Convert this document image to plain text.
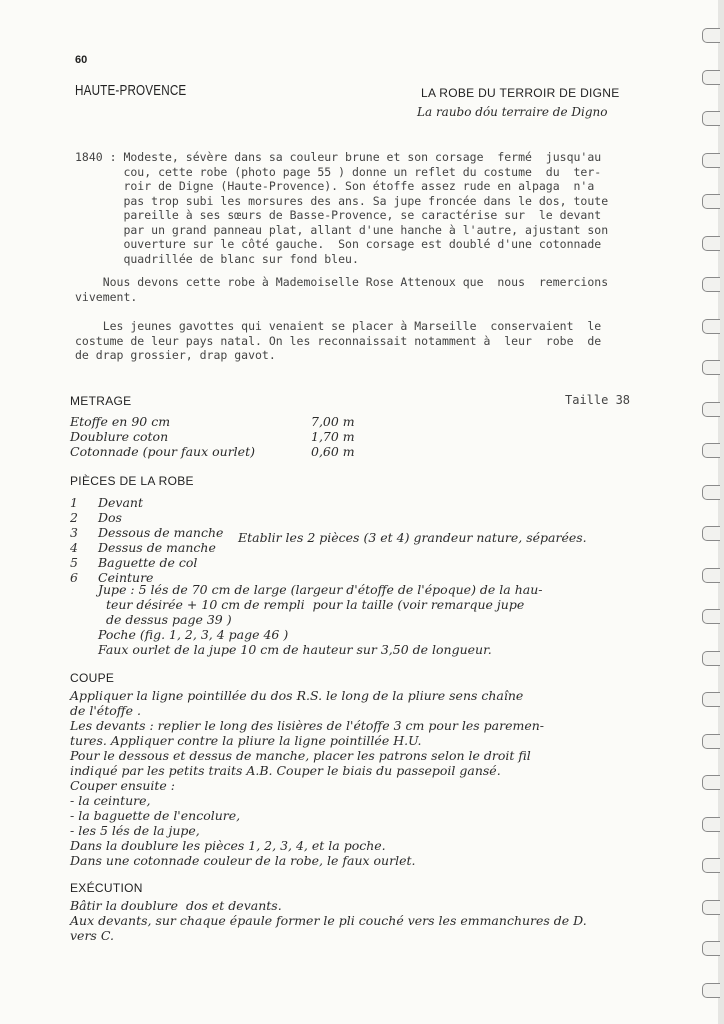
60
HAUTE-PROVENCE	LA ROBE DU TERROIR DE DIGNE
La raubo dóu terraire de Digno
1840 : Modeste, sévère dans sa couleur brune et son corsage  fermé  jusqu'au
cou, cette robe (photo page 55 ) donne un reflet du costume  du  ter-
roir de Digne (Haute-Provence). Son étoffe assez rude en alpaga  n'a
pas trop subi les morsures des ans. Sa jupe froncée dans le dos, toute
pareille à ses sœurs de Basse-Provence, se caractérise sur  le devant
par un grand panneau plat, allant d'une hanche à l'autre, ajustant son
ouverture sur le côté gauche.  Son corsage est doublé d'une cotonnade
quadrillée de blanc sur fond bleu.
Nous devons cette robe à Mademoiselle Rose Attenoux que  nous  remercions
vivement.
Les jeunes gavottes qui venaient se placer à Marseille  conservaient  le
costume de leur pays natal. On les reconnaissait notamment à  leur  robe  de
de drap grossier, drap gavot.
METRAGE	Taille 38
Etoffe en 90 cm	7,00 m
Doublure coton	1,70 m
Cotonnade (pour faux ourlet)	0,60 m
PIÈCES DE LA ROBE
1 Devant
2 Dos
3 Dessous de manche
4 Dessus de manche
5 Baguette de col
6 Ceinture
Etablir les 2 pièces (3 et 4) grandeur nature, séparées.
Jupe : 5 lés de 70 cm de large (largeur d'étoffe de l'époque) de la hau-
teur désirée + 10 cm de rempli  pour la taille (voir remarque jupe
de dessus page 39 )
Poche (fig. 1, 2, 3, 4 page 46 )
Faux ourlet de la jupe 10 cm de hauteur sur 3,50 de longueur.
COUPE
Appliquer la ligne pointillée du dos R.S. le long de la pliure sens chaîne
de l'étoffe .
Les devants : replier le long des lisières de l'étoffe 3 cm pour les paremen-
tures. Appliquer contre la pliure la ligne pointillée H.U.
Pour le dessous et dessus de manche, placer les patrons selon le droit fil
indiqué par les petits traits A.B. Couper le biais du passepoil gansé.
Couper ensuite :
- la ceinture,
- la baguette de l'encolure,
- les 5 lés de la jupe,
Dans la doublure les pièces 1, 2, 3, 4, et la poche.
Dans une cotonnade couleur de la robe, le faux ourlet.
EXÉCUTION
Bâtir la doublure  dos et devants.
Aux devants, sur chaque épaule former le pli couché vers les emmanchures de D.
vers C.
